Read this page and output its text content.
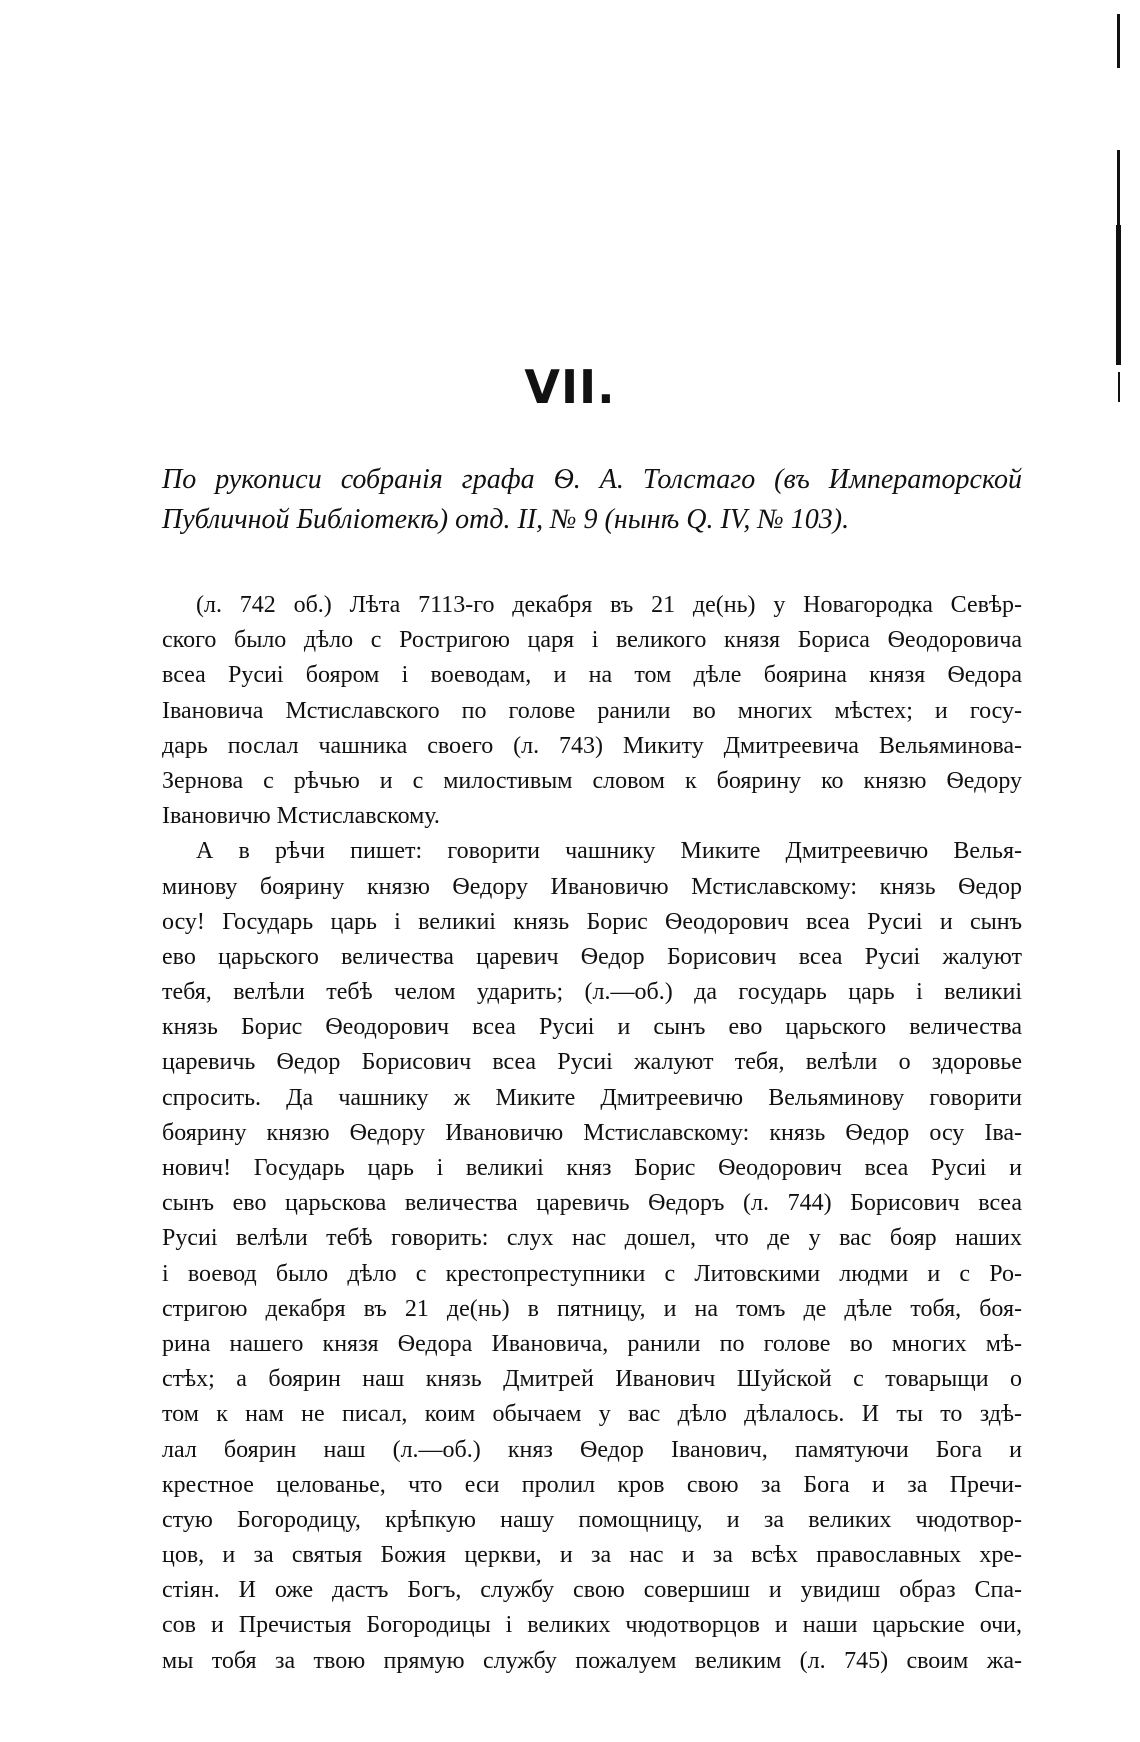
VII.
По рукописи собранія графа Ѳ. А. Толстаго (въ Императорской
Публичной Библіотекѣ) отд. II, № 9 (нынѣ Q. IV, № 103).
(л. 742 об.) Лѣта 7113-го декабря въ 21 де(нь) у Новагородка Севѣр-
ского было дѣло с Ростригою царя і великого князя Бориса Ѳеодоровича
всеа Русиі бояром і воеводам, и на том дѣле боярина князя Ѳедора
Івановича Мстиславского по голове ранили во многих мѣстех; и госу-
дарь послал чашника своего (л. 743) Микиту Дмитреевича Вельяминова-
Зернова с рѣчью и с милостивым словом к боярину ко князю Ѳедору
Івановичю Мстиславскому.
А в рѣчи пишет: говорити чашнику Миките Дмитреевичю Велья-
минову боярину князю Ѳедору Ивановичю Мстиславскому: князь Ѳедор
осу! Государь царь і великиі князь Борис Ѳеодорович всеа Русиі и сынъ
ево царьского величества царевич Ѳедор Борисович всеа Русиі жалуют
тебя, велѣли тебѣ челом ударить; (л.—об.) да государь царь і великиі
князь Борис Ѳеодорович всеа Русиі и сынъ ево царьского величества
царевичь Ѳедор Борисович всеа Русиі жалуют тебя, велѣли о здоровье
спросить. Да чашнику ж Миките Дмитреевичю Вельяминову говорити
боярину князю Ѳедору Ивановичю Мстиславскому: князь Ѳедор осу Іва-
нович! Государь царь і великиі княз Борис Ѳеодорович всеа Русиі и
сынъ ево царьскова величества царевичь Ѳедоръ (л. 744) Борисович всеа
Русиі велѣли тебѣ говорить: слух нас дошел, что де у вас бояр наших
і воевод было дѣло с крестопреступники с Литовскими людми и с Ро-
стригою декабря въ 21 де(нь) в пятницу, и на томъ де дѣле тобя, боя-
рина нашего князя Ѳедора Ивановича, ранили по голове во многих мѣ-
стѣх; а боярин наш князь Дмитрей Иванович Шуйской с товарыщи о
том к нам не писал, коим обычаем у вас дѣло дѣлалось. И ты то здѣ-
лал боярин наш (л.—об.) княз Ѳедор Іванович, памятуючи Бога и
крестное целованье, что еси пролил кров свою за Бога и за Пречи-
стую Богородицу, крѣпкую нашу помощницу, и за великих чюдотвор-
цов, и за святыя Божия церкви, и за нас и за всѣх православных хре-
стіян. И оже дастъ Богъ, службу свою совершиш и увидиш образ Спа-
сов и Пречистыя Богородицы і великих чюдотворцов и наши царьские очи,
мы тобя за твою прямую службу пожалуем великим (л. 745) своим жа-
